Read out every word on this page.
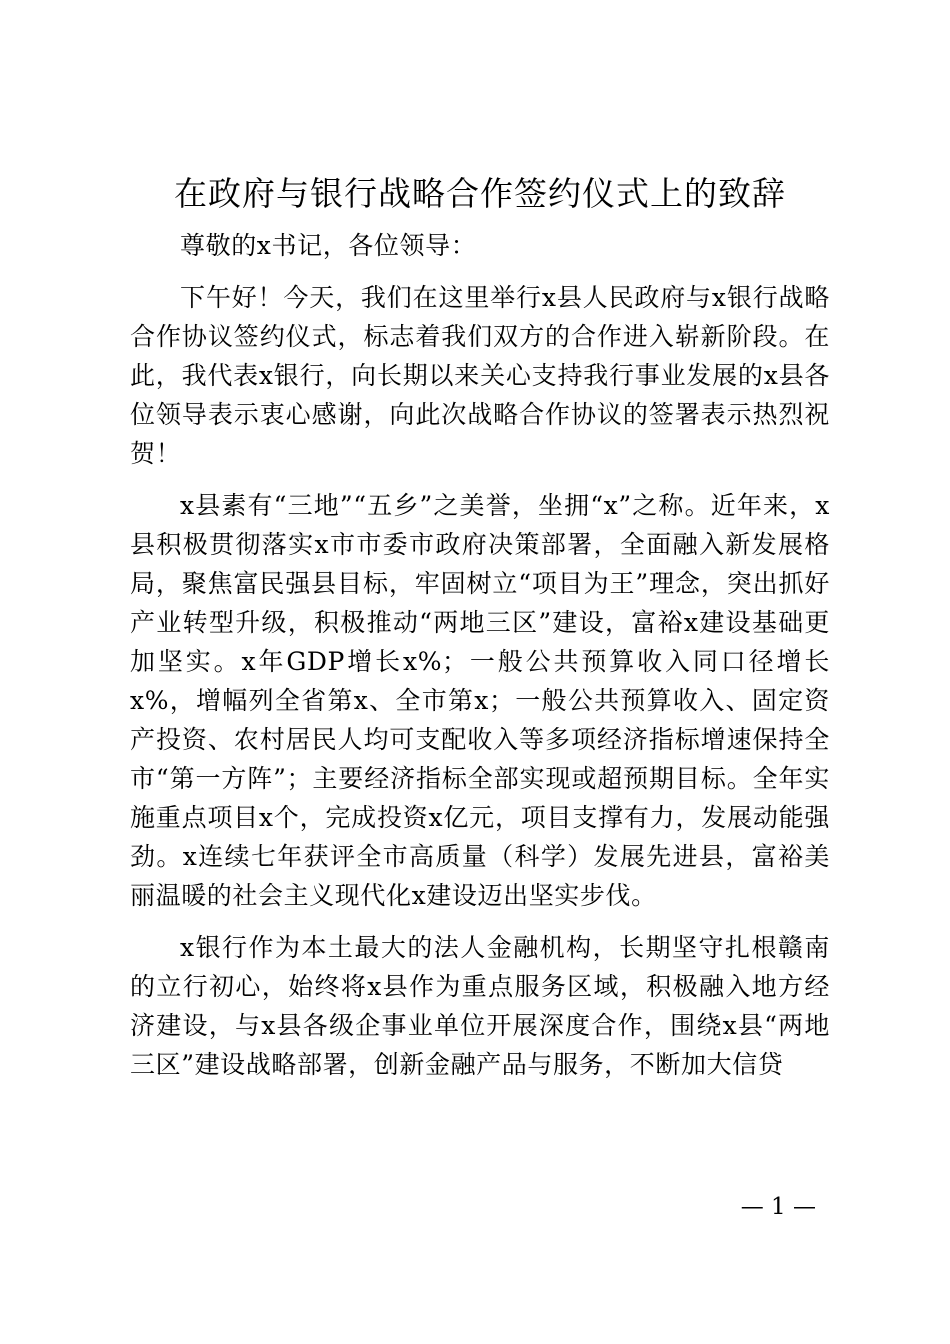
在政府与银行战略合作签约仪式上的致辞

尊敬的x书记，各位领导：

下午好！今天，我们在这里举行x县人民政府与x银行战略合作协议签约仪式，标志着我们双方的合作进入崭新阶段。在此，我代表x银行，向长期以来关心支持我行事业发展的x县各位领导表示衷心感谢，向此次战略合作协议的签署表示热烈祝贺！

x县素有“三地”“五乡”之美誉，坐拥“x”之称。近年来，x县积极贯彻落实x市市委市政府决策部署，全面融入新发展格局，聚焦富民强县目标，牢固树立“项目为王”理念，突出抓好产业转型升级，积极推动“两地三区”建设，富裕x建设基础更加坚实。x年GDP增长x%；一般公共预算收入同口径增长x%，增幅列全省第x、全市第x；一般公共预算收入、固定资产投资、农村居民人均可支配收入等多项经济指标增速保持全市“第一方阵”；主要经济指标全部实现或超预期目标。全年实施重点项目x个，完成投资x亿元，项目支撑有力，发展动能强劲。x连续七年获评全市高质量（科学）发展先进县，富裕美丽温暖的社会主义现代化x建设迈出坚实步伐。

x银行作为本土最大的法人金融机构，长期坚守扎根赣南的立行初心，始终将x县作为重点服务区域，积极融入地方经济建设，与x县各级企事业单位开展深度合作，围绕x县“两地三区”建设战略部署，创新金融产品与服务，不断加大信贷

— 1 —
